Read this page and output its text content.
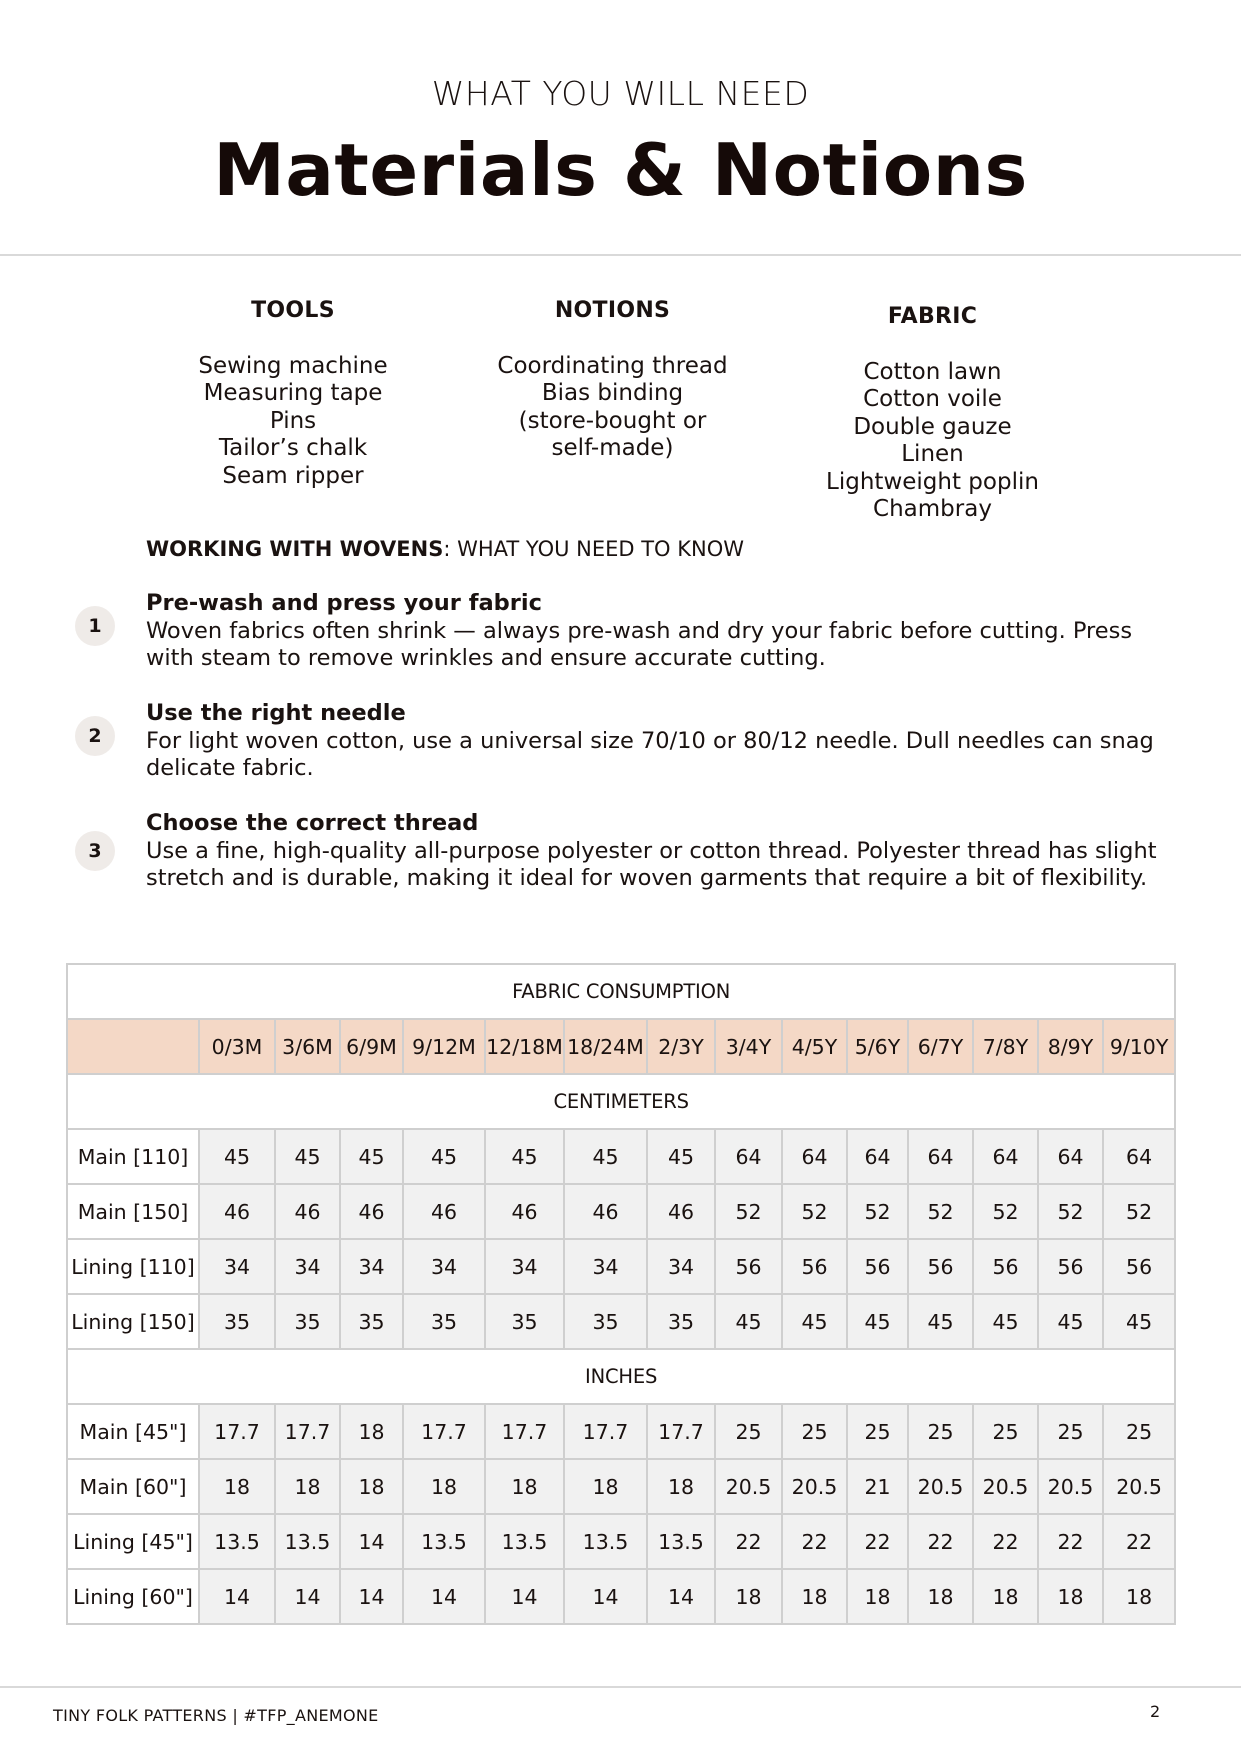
WHAT YOU WILL NEED
Materials & Notions
TOOLS
Sewing machine
Measuring tape
Pins
Tailor’s chalk
Seam ripper
NOTIONS
Coordinating thread
Bias binding
(store-bought or
self-made)
FABRIC
Cotton lawn
Cotton voile
Double gauze
Linen
Lightweight poplin
Chambray
WORKING WITH WOVENS: WHAT YOU NEED TO KNOW
1
Pre-wash and press your fabric
Woven fabrics often shrink — always pre-wash and dry your fabric before cutting. Press with steam to remove wrinkles and ensure accurate cutting.
2
Use the right needle
For light woven cotton, use a universal size 70/10 or 80/12 needle. Dull needles can snag delicate fabric.
3
Choose the correct thread
Use a fine, high-quality all-purpose polyester or cotton thread. Polyester thread has slight stretch and is durable, making it ideal for woven garments that require a bit of flexibility.
FABRIC CONSUMPTION														
	0/3M	3/6M	6/9M	9/12M	12/18M	18/24M	2/3Y	3/4Y	4/5Y	5/6Y	6/7Y	7/8Y	8/9Y	9/10Y
CENTIMETERS														
Main [110]	45	45	45	45	45	45	45	64	64	64	64	64	64	64
Main [150]	46	46	46	46	46	46	46	52	52	52	52	52	52	52
Lining [110]	34	34	34	34	34	34	34	56	56	56	56	56	56	56
Lining [150]	35	35	35	35	35	35	35	45	45	45	45	45	45	45
INCHES														
Main [45"]	17.7	17.7	18	17.7	17.7	17.7	17.7	25	25	25	25	25	25	25
Main [60"]	18	18	18	18	18	18	18	20.5	20.5	21	20.5	20.5	20.5	20.5
Lining [45"]	13.5	13.5	14	13.5	13.5	13.5	13.5	22	22	22	22	22	22	22
Lining [60"]	14	14	14	14	14	14	14	18	18	18	18	18	18	18
TINY FOLK PATTERNS | #TFP_ANEMONE	2
